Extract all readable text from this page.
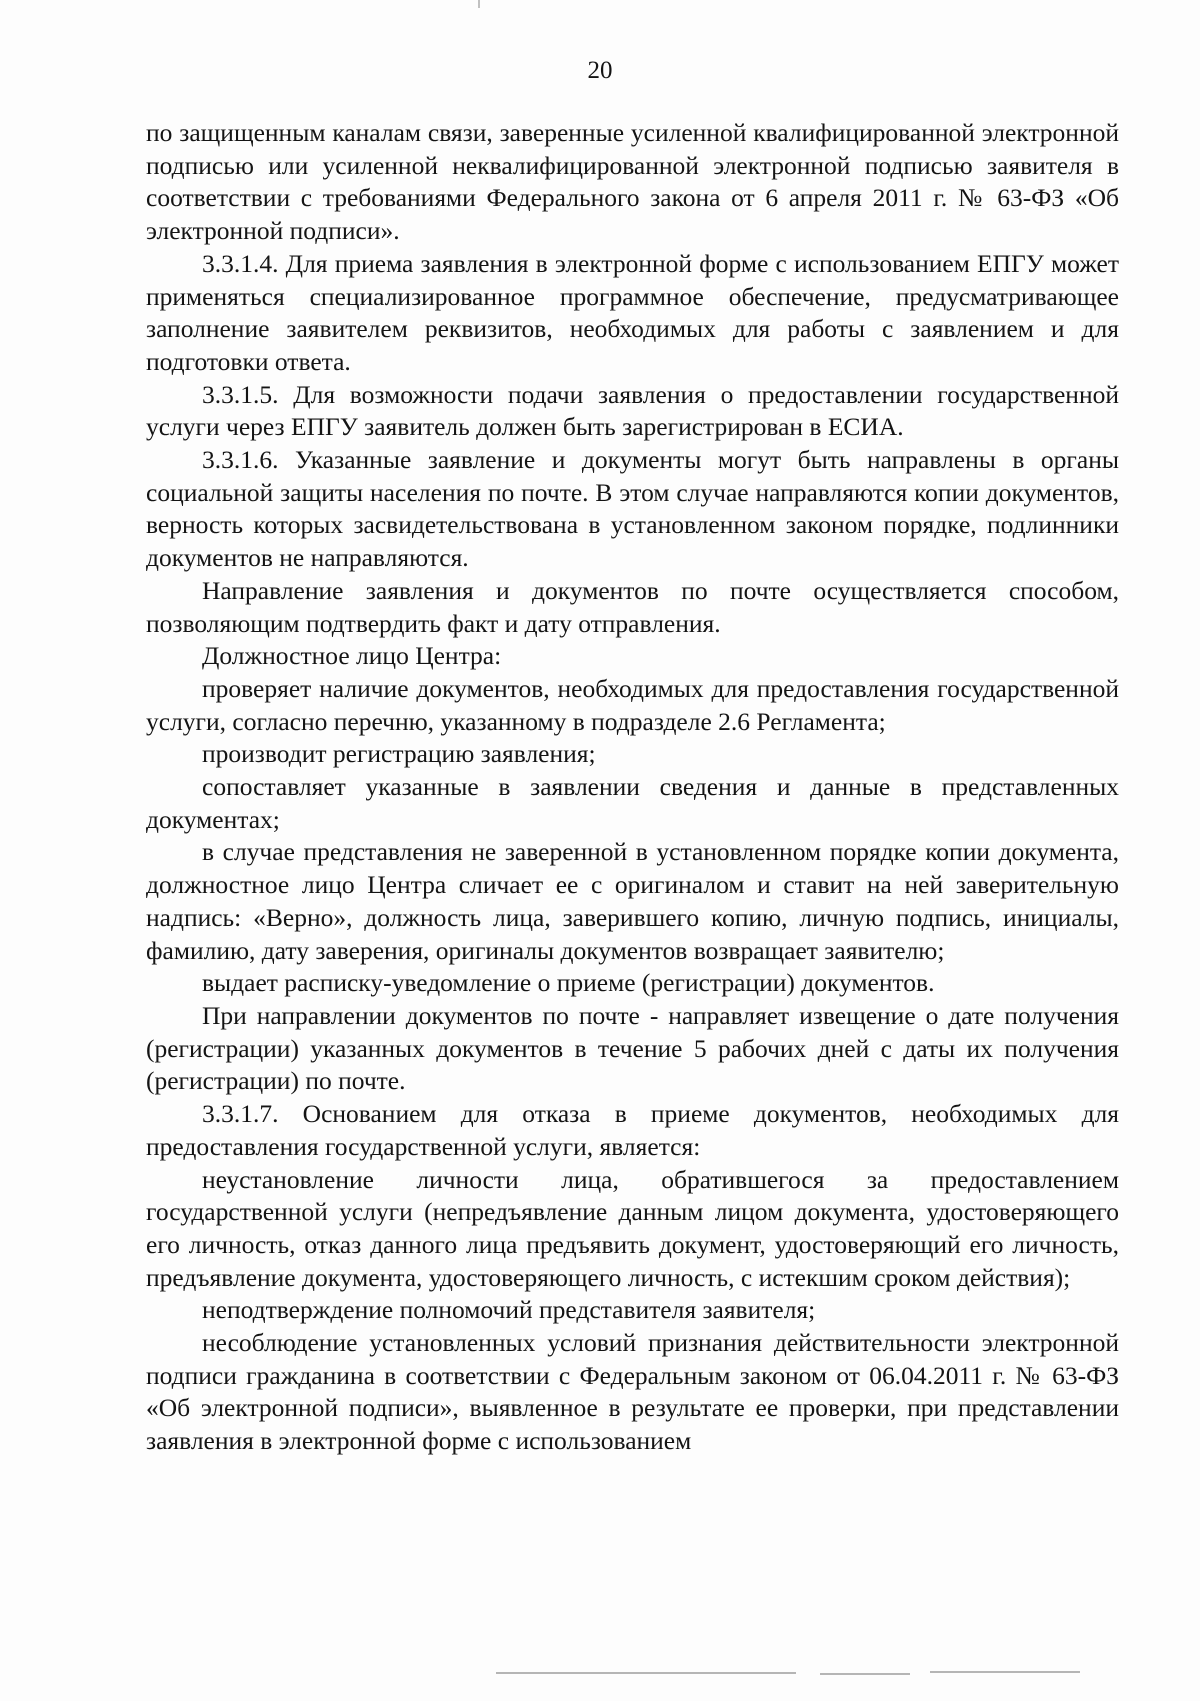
20

по защищенным каналам связи, заверенные усиленной квалифицированной электронной подписью или усиленной неквалифицированной электронной подписью заявителя в соответствии с требованиями Федерального закона от 6 апреля 2011 г. № 63-ФЗ «Об электронной подписи».

3.3.1.4. Для приема заявления в электронной форме с использованием ЕПГУ может применяться специализированное программное обеспечение, предусматривающее заполнение заявителем реквизитов, необходимых для работы с заявлением и для подготовки ответа.

3.3.1.5. Для возможности подачи заявления о предоставлении государственной услуги через ЕПГУ заявитель должен быть зарегистрирован в ЕСИА.

3.3.1.6. Указанные заявление и документы могут быть направлены в органы социальной защиты населения по почте. В этом случае направляются копии документов, верность которых засвидетельствована в установленном законом порядке, подлинники документов не направляются.

Направление заявления и документов по почте осуществляется способом, позволяющим подтвердить факт и дату отправления.

Должностное лицо Центра:

проверяет наличие документов, необходимых для предоставления государственной услуги, согласно перечню, указанному в подразделе 2.6 Регламента;

производит регистрацию заявления;

сопоставляет указанные в заявлении сведения и данные в представленных документах;

в случае представления не заверенной в установленном порядке копии документа, должностное лицо Центра сличает ее с оригиналом и ставит на ней заверительную надпись: «Верно», должность лица, заверившего копию, личную подпись, инициалы, фамилию, дату заверения, оригиналы документов возвращает заявителю;

выдает расписку-уведомление о приеме (регистрации) документов.

При направлении документов по почте - направляет извещение о дате получения (регистрации) указанных документов в течение 5 рабочих дней с даты их получения (регистрации) по почте.

3.3.1.7. Основанием для отказа в приеме документов, необходимых для предоставления государственной услуги, является:

неустановление личности лица, обратившегося за предоставлением государственной услуги (непредъявление данным лицом документа, удостоверяющего его личность, отказ данного лица предъявить документ, удостоверяющий его личность, предъявление документа, удостоверяющего личность, с истекшим сроком действия);

неподтверждение полномочий представителя заявителя;

несоблюдение установленных условий признания действительности электронной подписи гражданина в соответствии с Федеральным законом от 06.04.2011 г. № 63-ФЗ «Об электронной подписи», выявленное в результате ее проверки, при представлении заявления в электронной форме с использованием
